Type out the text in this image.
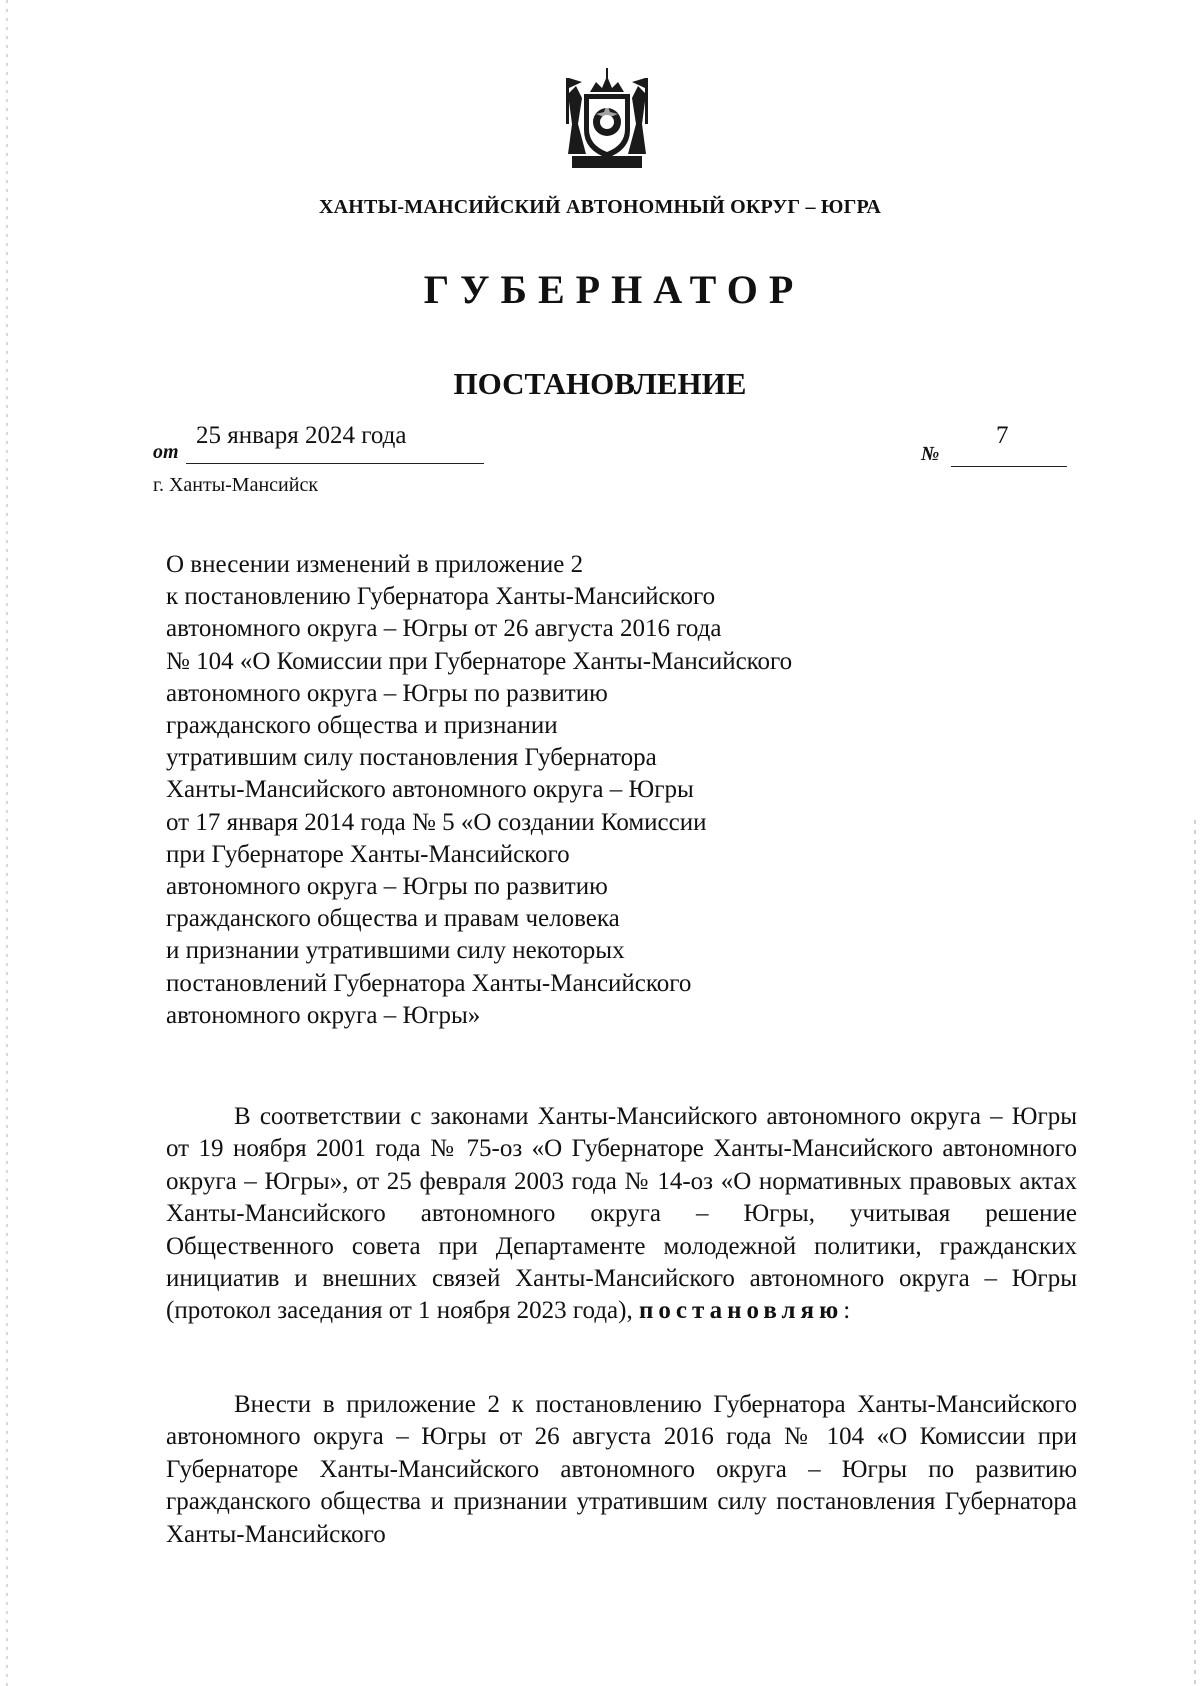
ХАНТЫ-МАНСИЙСКИЙ АВТОНОМНЫЙ ОКРУГ – ЮГРА
ГУБЕРНАТОР
ПОСТАНОВЛЕНИЕ
от
25 января 2024 года
№
7
г. Ханты-Мансийск
О внесении изменений в приложение 2
к постановлению Губернатора Ханты-Мансийского
автономного округа – Югры от 26 августа 2016 года
№ 104 «О Комиссии при Губернаторе Ханты-Мансийского
автономного округа – Югры по развитию
гражданского общества и признании
утратившим силу постановления Губернатора
Ханты-Мансийского автономного округа – Югры
от 17 января 2014 года № 5 «О создании Комиссии
при Губернаторе Ханты-Мансийского
автономного округа – Югры по развитию
гражданского общества и правам человека
и признании утратившими силу некоторых
постановлений Губернатора Ханты-Мансийского
автономного округа – Югры»
В соответствии с законами Ханты-Мансийского автономного округа – Югры от 19 ноября 2001 года № 75-оз «О Губернаторе Ханты-Мансийского автономного округа – Югры», от 25 февраля 2003 года № 14-оз «О нормативных правовых актах Ханты-Мансийского автономного округа – Югры, учитывая решение Общественного совета при Департаменте молодежной политики, гражданских инициатив и внешних связей Ханты-Мансийского автономного округа – Югры (протокол заседания от 1 ноября 2023 года), постановляю:
Внести в приложение 2 к постановлению Губернатора Ханты-Мансийского автономного округа – Югры от 26 августа 2016 года № 104 «О Комиссии при Губернаторе Ханты-Мансийского автономного округа – Югры по развитию гражданского общества и признании утратившим силу постановления Губернатора Ханты-Мансийского
